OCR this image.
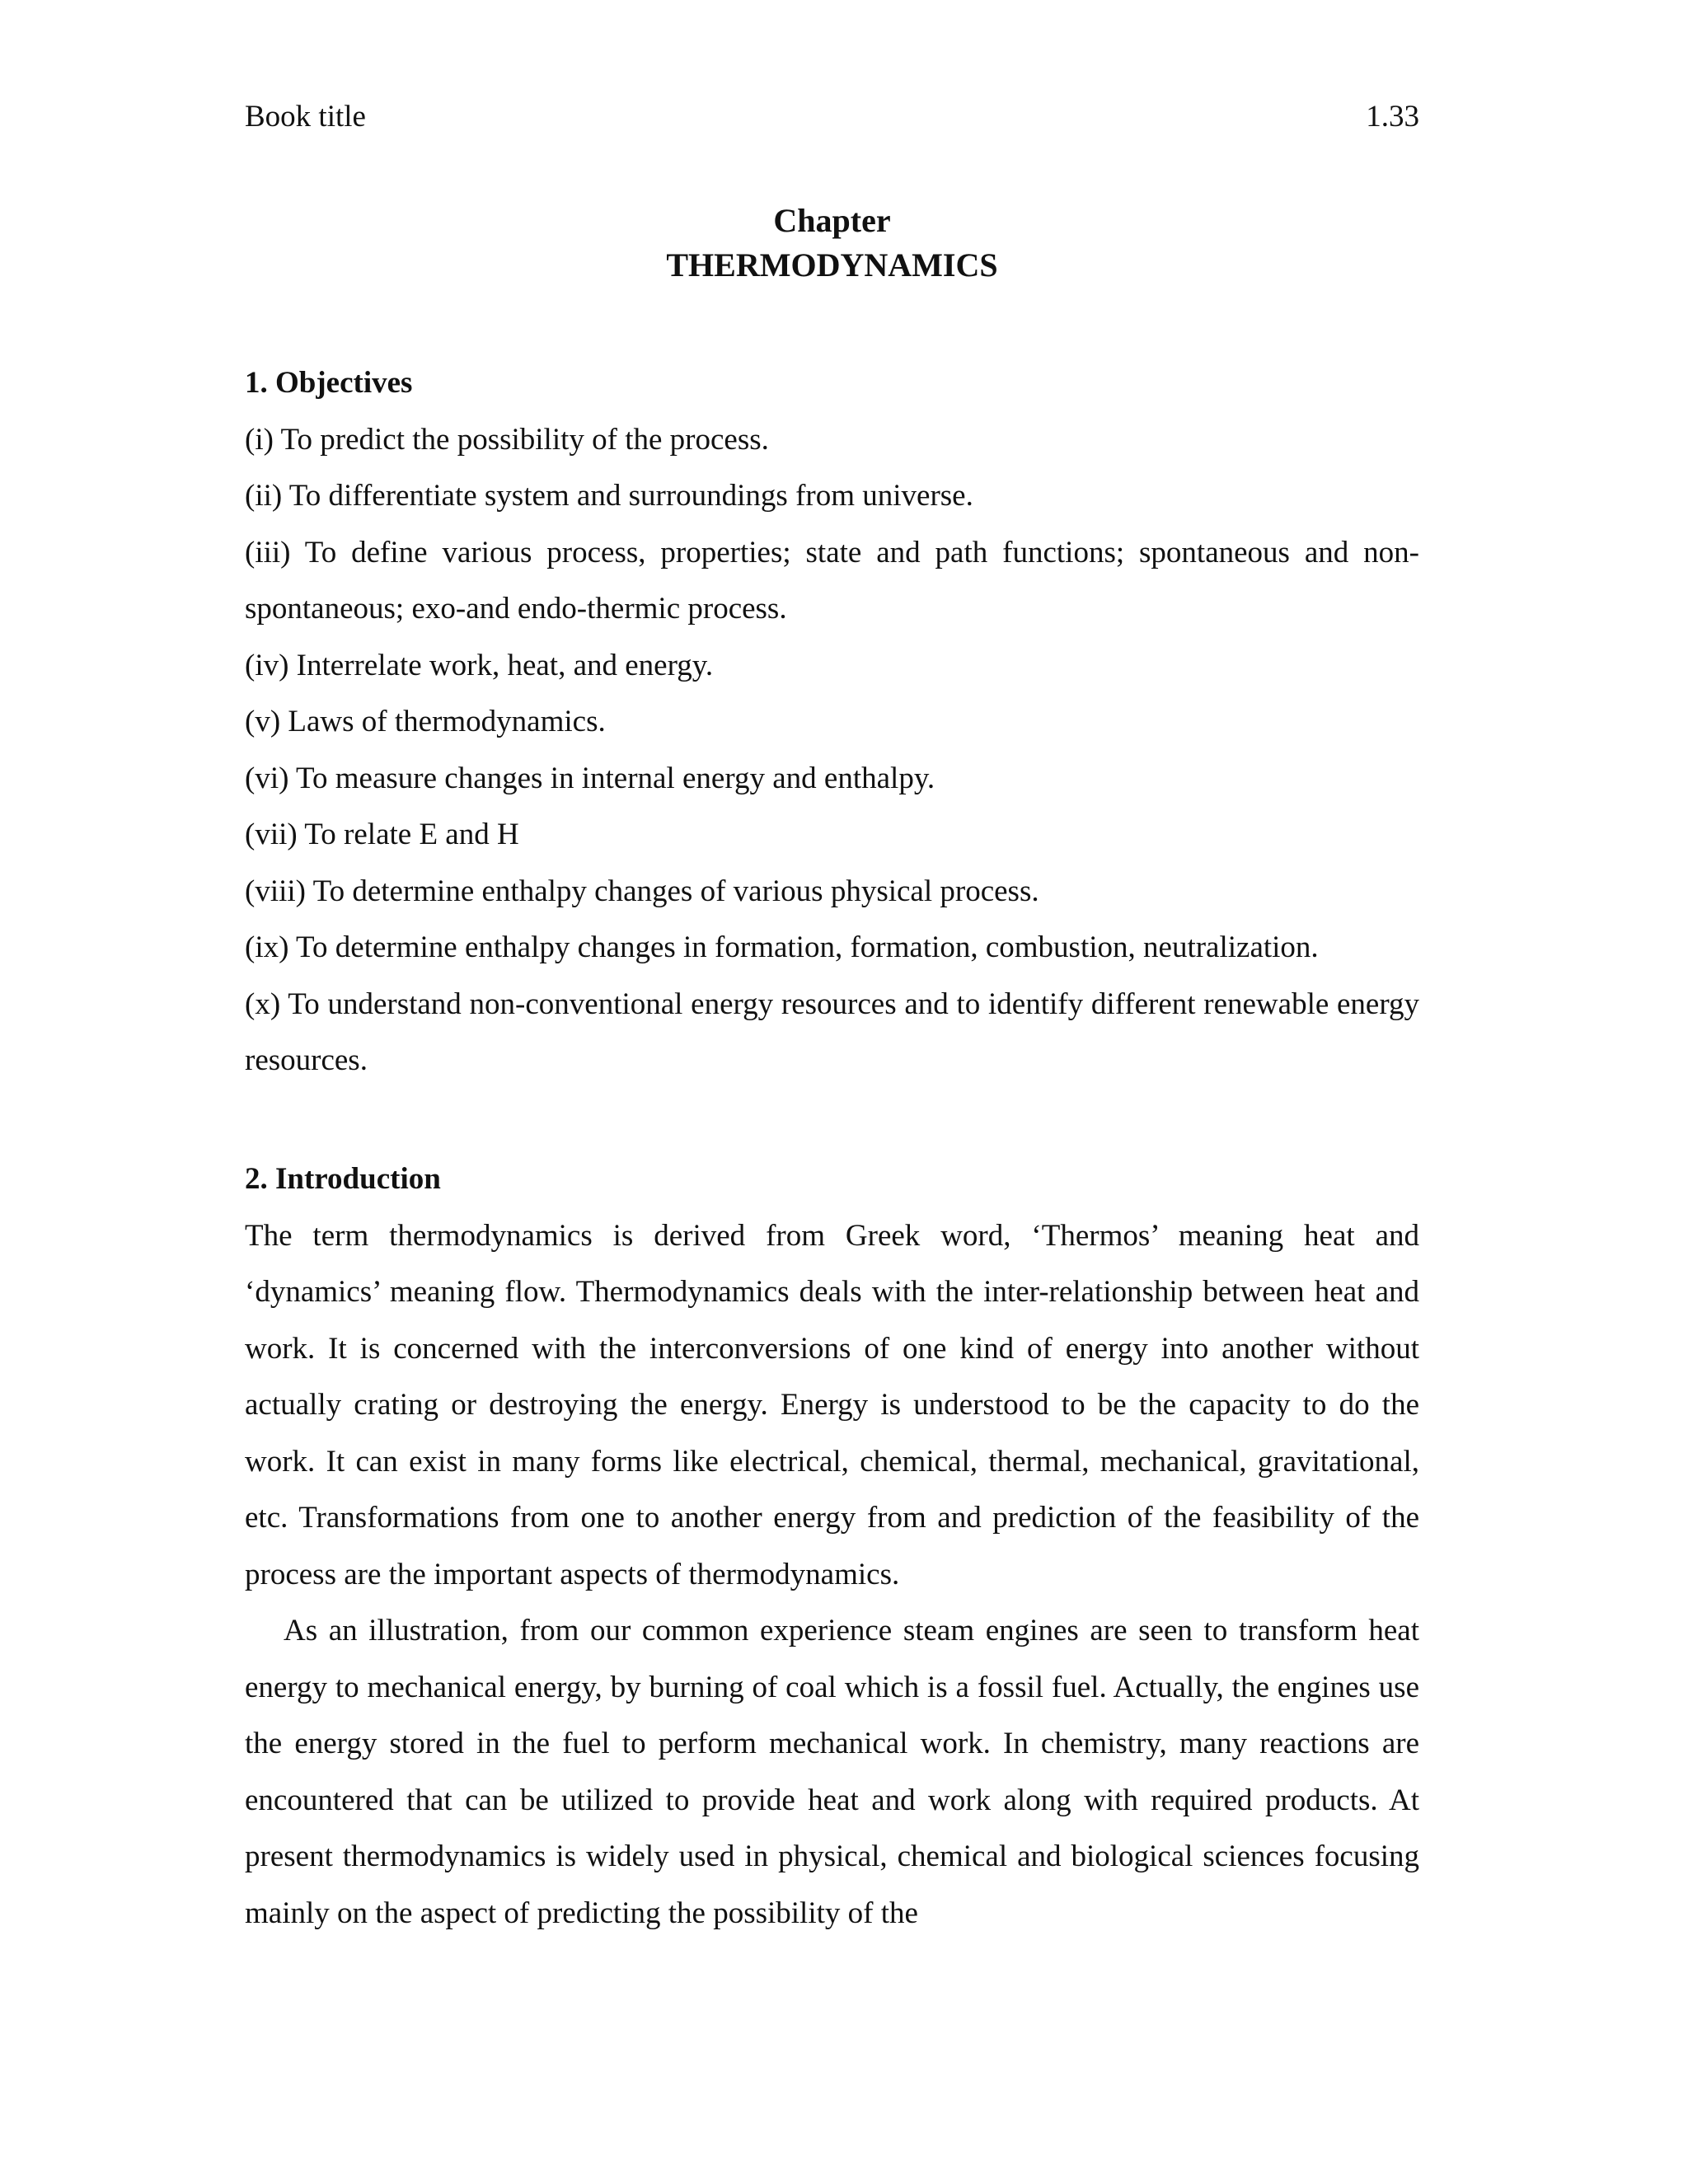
Book title	1.33
Chapter
THERMODYNAMICS
1. Objectives
(i) To predict the possibility of the process.
(ii) To differentiate system and surroundings from universe.
(iii) To define various process, properties; state and path functions; spontaneous and non-spontaneous; exo-and endo-thermic process.
(iv) Interrelate work, heat, and energy.
(v) Laws of thermodynamics.
(vi) To measure changes in internal energy and enthalpy.
(vii) To relate E and H
(viii) To determine enthalpy changes of various physical process.
(ix) To determine enthalpy changes in formation, formation, combustion, neutralization.
(x) To understand non-conventional energy resources and to identify different renewable energy resources.
2. Introduction

The term thermodynamics is derived from Greek word, ‘Thermos’ meaning heat and ‘dynamics’ meaning flow. Thermodynamics deals with the inter-relationship between heat and work. It is concerned with the interconversions of one kind of energy into another without actually crating or destroying the energy. Energy is understood to be the capacity to do the work. It can exist in many forms like electrical, chemical, thermal, mechanical, gravitational, etc. Transformations from one to another energy from and prediction of the feasibility of the process are the important aspects of thermodynamics.

As an illustration, from our common experience steam engines are seen to transform heat energy to mechanical energy, by burning of coal which is a fossil fuel. Actually, the engines use the energy stored in the fuel to perform mechanical work. In chemistry, many reactions are encountered that can be utilized to provide heat and work along with required products. At present thermodynamics is widely used in physical, chemical and biological sciences focusing mainly on the aspect of predicting the possibility of the
